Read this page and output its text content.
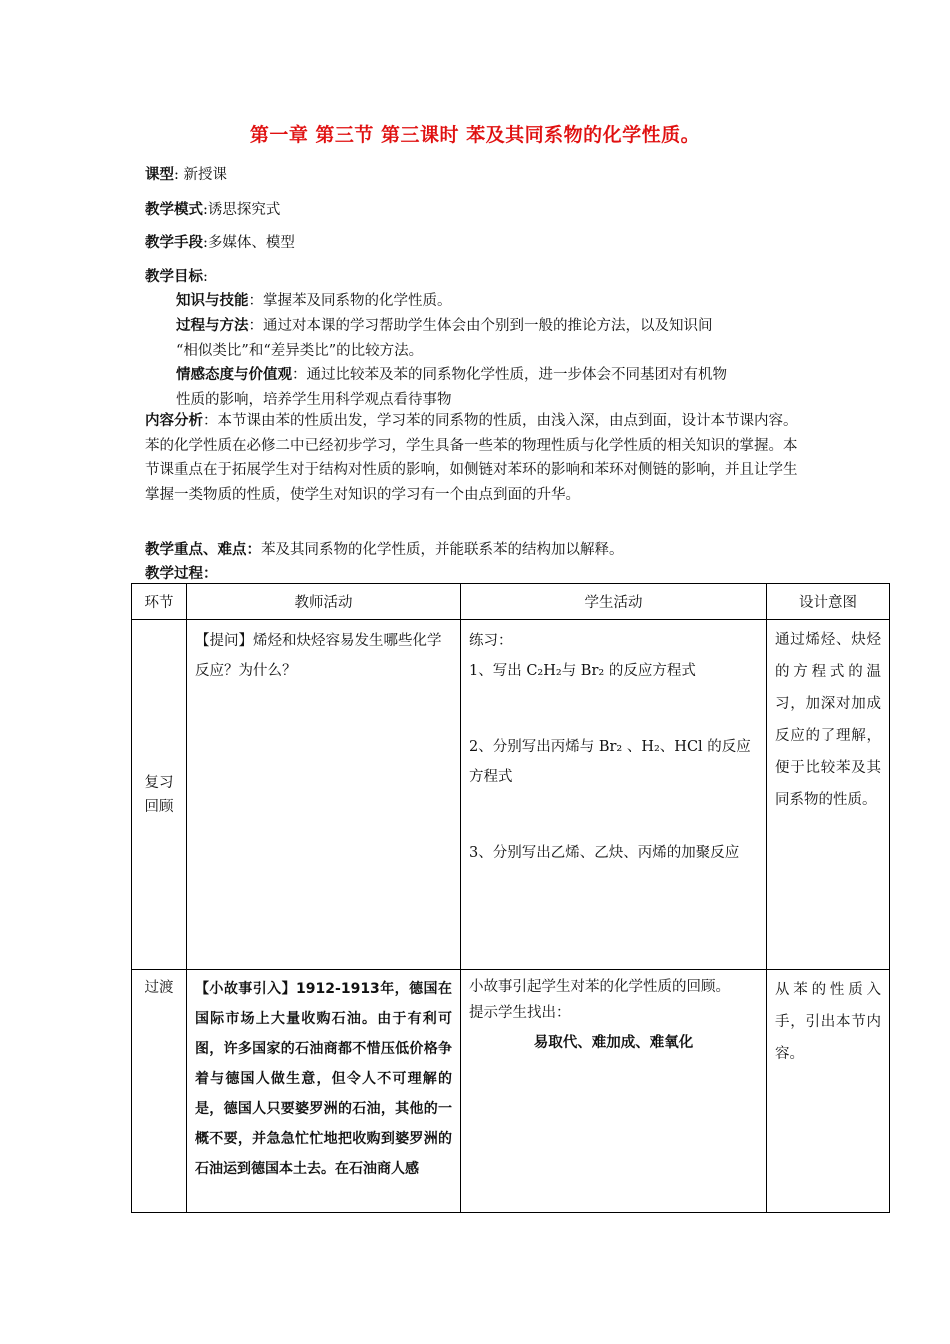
第一章 第三节 第三课时 苯及其同系物的化学性质。
课型: 新授课
教学模式:诱思探究式
教学手段:多媒体、模型
教学目标:
知识与技能：掌握苯及同系物的化学性质。
过程与方法：通过对本课的学习帮助学生体会由个别到一般的推论方法，以及知识间
“相似类比”和“差异类比”的比较方法。
情感态度与价值观：通过比较苯及苯的同系物化学性质，进一步体会不同基团对有机物
性质的影响，培养学生用科学观点看待事物
内容分析：本节课由苯的性质出发，学习苯的同系物的性质，由浅入深，由点到面，设计本节课内容。苯的化学性质在必修二中已经初步学习，学生具备一些苯的物理性质与化学性质的相关知识的掌握。本节课重点在于拓展学生对于结构对性质的影响，如侧链对苯环的影响和苯环对侧链的影响，并且让学生掌握一类物质的性质，使学生对知识的学习有一个由点到面的升华。
教学重点、难点：苯及其同系物的化学性质，并能联系苯的结构加以解释。
教学过程：
环节	教师活动	学生活动	设计意图

复习回顾	【提问】烯烃和炔烃容易发生哪些化学反应？为什么？	练习：
1、写出 C₂H₂与 Br₂ 的反应方程式
2、分别写出丙烯与 Br₂ 、H₂、HCl 的反应方程式
3、分别写出乙烯、乙炔、丙烯的加聚反应	通过烯烃、炔烃的方程式的温习，加深对加成反应的了理解，便于比较苯及其同系物的性质。

过渡	【小故事引入】1912-1913年，德国在国际市场上大量收购石油。由于有利可图，许多国家的石油商都不惜压低价格争着与德国人做生意，但令人不可理解的是，德国人只要婆罗洲的石油，其他的一概不要，并急急忙忙地把收购到婆罗洲的石油运到德国本土去。在石油商人感	小故事引起学生对苯的化学性质的回顾。
提示学生找出：
易取代、难加成、难氧化	从苯的性质入手，引出本节内容。
